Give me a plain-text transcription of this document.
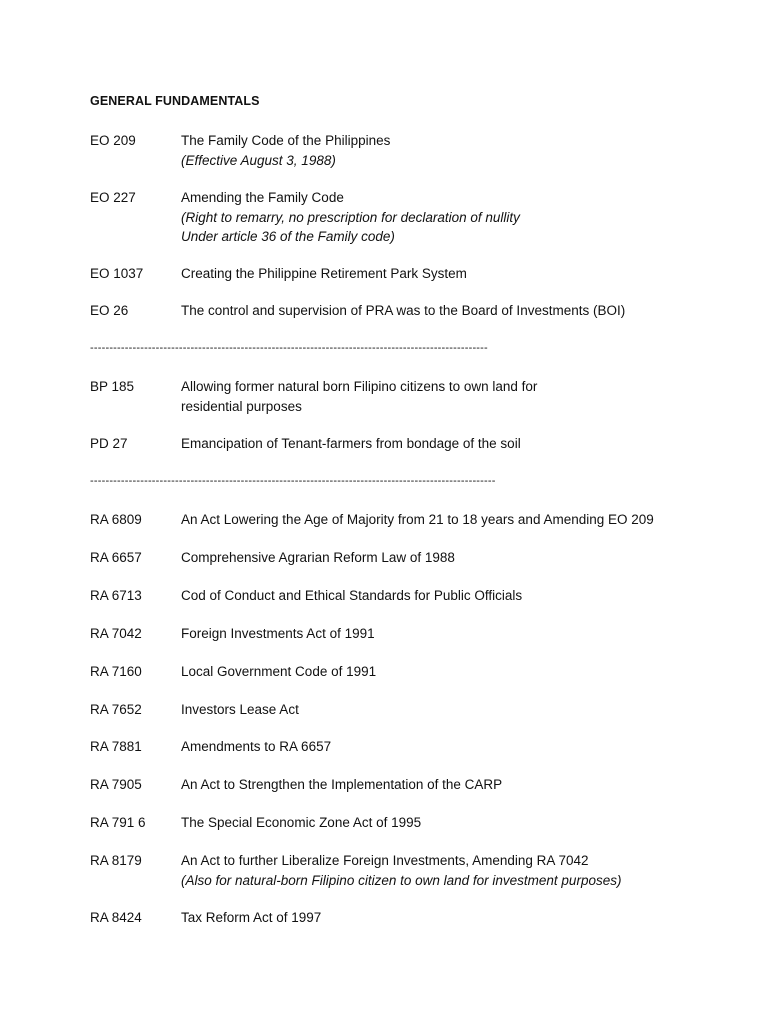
GENERAL FUNDAMENTALS
EO 209	The Family Code of the Philippines
(Effective August 3, 1988)
EO 227	Amending the Family Code
(Right to remarry, no prescription for declaration of nullity
Under article 36 of the Family code)
EO 1037	Creating the Philippine Retirement Park System
EO 26	The control and supervision of PRA was to the Board of Investments (BOI)
-------------------------------------------------------------------------------------------------------
BP 185	Allowing former natural born Filipino citizens to own land for
residential purposes
PD 27	Emancipation of Tenant-farmers from bondage of the soil
---------------------------------------------------------------------------------------------------------
RA 6809	An Act Lowering the Age of Majority from 21 to 18 years and Amending EO 209
RA 6657	Comprehensive Agrarian Reform Law of 1988
RA 6713	Cod of Conduct and Ethical Standards for Public Officials
RA 7042	Foreign Investments Act of 1991
RA 7160	Local Government Code of 1991
RA 7652	Investors Lease Act
RA 7881	Amendments to RA 6657
RA 7905	An Act to Strengthen the Implementation of the CARP
RA 791 6	The Special Economic Zone Act of 1995
RA 8179	An Act to further Liberalize Foreign Investments, Amending RA 7042
(Also for natural-born Filipino citizen to own land for investment purposes)
RA 8424	Tax Reform Act of 1997
